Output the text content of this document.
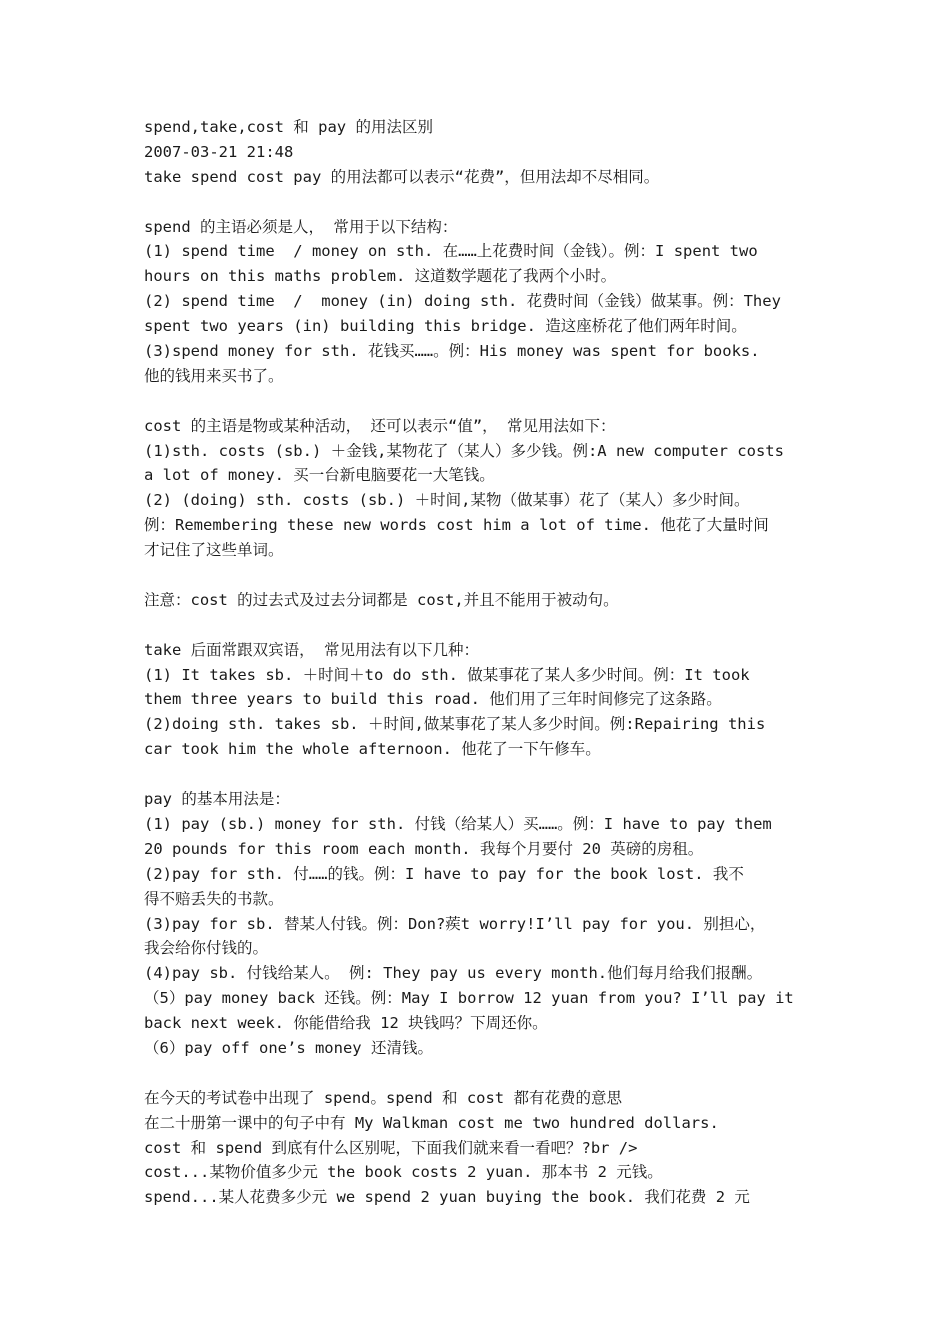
spend,take,cost 和 pay 的用法区别
2007-03-21 21:48
take spend cost pay 的用法都可以表示“花费”，但用法却不尽相同。
spend 的主语必须是人， 常用于以下结构：
(1) spend time  / money on sth. 在……上花费时间（金钱）。例：I spent two
hours on this maths problem. 这道数学题花了我两个小时。
(2) spend time  /  money (in) doing sth. 花费时间（金钱）做某事。例：They
spent two years (in) building this bridge. 造这座桥花了他们两年时间。
(3)spend money for sth. 花钱买……。例：His money was spent for books.
他的钱用来买书了。
cost 的主语是物或某种活动， 还可以表示“值”， 常见用法如下：
(1)sth. costs (sb.) ＋金钱,某物花了（某人）多少钱。例:A new computer costs
a lot of money. 买一台新电脑要花一大笔钱。
(2) (doing) sth. costs (sb.) ＋时间,某物（做某事）花了（某人）多少时间。
例：Remembering these new words cost him a lot of time. 他花了大量时间
才记住了这些单词。
注意：cost 的过去式及过去分词都是 cost,并且不能用于被动句。
take 后面常跟双宾语， 常见用法有以下几种：
(1) It takes sb. ＋时间＋to do sth. 做某事花了某人多少时间。例：It took
them three years to build this road. 他们用了三年时间修完了这条路。
(2)doing sth. takes sb. ＋时间,做某事花了某人多少时间。例:Repairing this
car took him the whole afternoon. 他花了一下午修车。
pay 的基本用法是：
(1) pay (sb.) money for sth. 付钱（给某人）买……。例：I have to pay them
20 pounds for this room each month. 我每个月要付 20 英磅的房租。
(2)pay for sth. 付……的钱。例：I have to pay for the book lost. 我不
得不赔丢失的书款。
(3)pay for sb. 替某人付钱。例：Don?蒺t worry!I’ll pay for you. 别担心，
我会给你付钱的。
(4)pay sb. 付钱给某人。 例: They pay us every month.他们每月给我们报酬。
（5）pay money back 还钱。例：May I borrow 12 yuan from you? I’ll pay it
back next week. 你能借给我 12 块钱吗？下周还你。
（6）pay off one’s money 还清钱。
在今天的考试卷中出现了 spend。spend 和 cost 都有花费的意思
在二十册第一课中的句子中有 My Walkman cost me two hundred dollars.
cost 和 spend 到底有什么区别呢，下面我们就来看一看吧？?br />
cost...某物价值多少元 the book costs 2 yuan. 那本书 2 元钱。
spend...某人花费多少元 we spend 2 yuan buying the book. 我们花费 2 元
